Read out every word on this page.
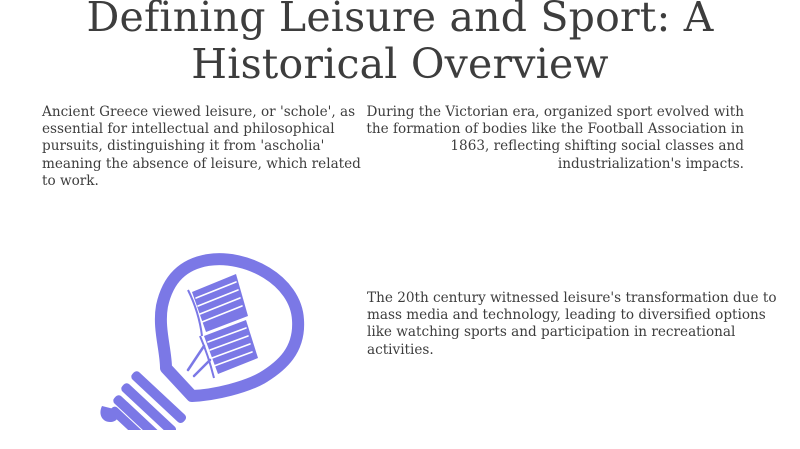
Defining Leisure and Sport: A Historical Overview

Ancient Greece viewed leisure, or 'schole', as essential for intellectual and philosophical pursuits, distinguishing it from 'ascholia' meaning the absence of leisure, which related to work.

During the Victorian era, organized sport evolved with the formation of bodies like the Football Association in 1863, reflecting shifting social classes and industrialization's impacts.

The 20th century witnessed leisure's transformation due to mass media and technology, leading to diversified options like watching sports and participation in recreational activities.
